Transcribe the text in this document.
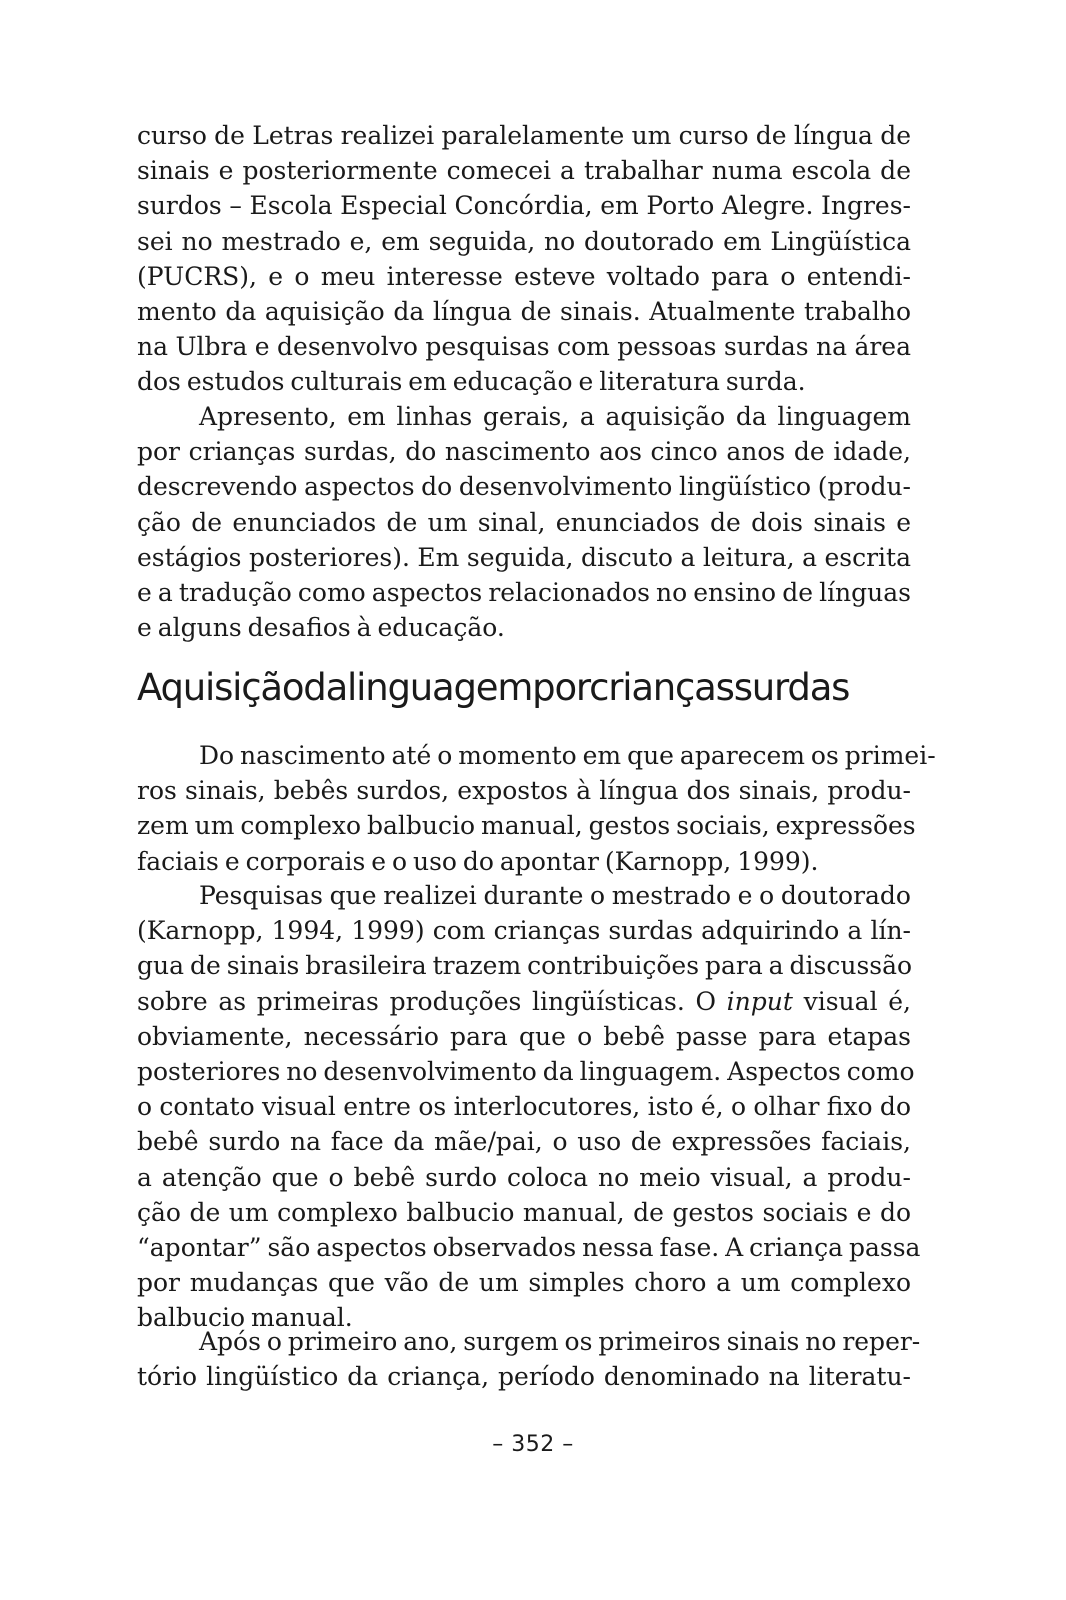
curso de Letras realizei paralelamente um curso de língua de
sinais e posteriormente comecei a trabalhar numa escola de
surdos – Escola Especial Concórdia, em Porto Alegre. Ingres-
sei no mestrado e, em seguida, no doutorado em Lingüística
(PUCRS), e o meu interesse esteve voltado para o entendi-
mento da aquisição da língua de sinais. Atualmente trabalho
na Ulbra e desenvolvo pesquisas com pessoas surdas na área
dos estudos culturais em educação e literatura surda.

Apresento, em linhas gerais, a aquisição da linguagem
por crianças surdas, do nascimento aos cinco anos de idade,
descrevendo aspectos do desenvolvimento lingüístico (produ-
ção de enunciados de um sinal, enunciados de dois sinais e
estágios posteriores). Em seguida, discuto a leitura, a escrita
e a tradução como aspectos relacionados no ensino de línguas
e alguns desafios à educação.

Aquisiçãodalinguagemporcriançassurdas

Do nascimento até o momento em que aparecem os primei-
ros sinais, bebês surdos, expostos à língua dos sinais, produ-
zem um complexo balbucio manual, gestos sociais, expressões
faciais e corporais e o uso do apontar (Karnopp, 1999).

Pesquisas que realizei durante o mestrado e o doutorado
(Karnopp, 1994, 1999) com crianças surdas adquirindo a lín-
gua de sinais brasileira trazem contribuições para a discussão
sobre as primeiras produções lingüísticas. O input visual é,
obviamente, necessário para que o bebê passe para etapas
posteriores no desenvolvimento da linguagem. Aspectos como
o contato visual entre os interlocutores, isto é, o olhar fixo do
bebê surdo na face da mãe/pai, o uso de expressões faciais,
a atenção que o bebê surdo coloca no meio visual, a produ-
ção de um complexo balbucio manual, de gestos sociais e do
“apontar” são aspectos observados nessa fase. A criança passa
por mudanças que vão de um simples choro a um complexo
balbucio manual.

Após o primeiro ano, surgem os primeiros sinais no reper-
tório lingüístico da criança, período denominado na literatu-

– 352 –
